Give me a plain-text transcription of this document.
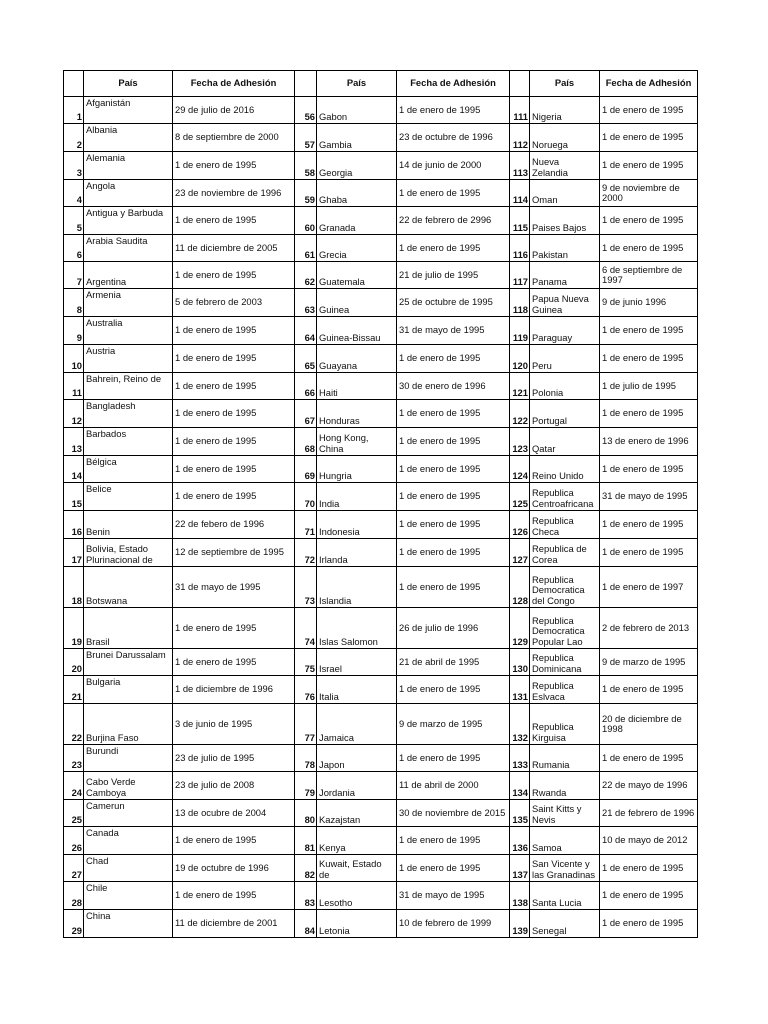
	País	Fecha de Adhesión		País	Fecha de Adhesión		País	Fecha de Adhesión
1	Afganistán	29 de julio de 2016	56	Gabon	1 de enero de 1995	111	Nigeria	1 de enero de 1995
2	Albania	8 de septiembre de 2000	57	Gambia	23 de octubre de 1996	112	Noruega	1 de enero de 1995
3	Alemania	1 de enero de 1995	58	Georgia	14 de junio de 2000	113	Nueva Zelandia	1 de enero de 1995
4	Angola	23 de noviembre de 1996	59	Ghaba	1 de enero de 1995	114	Oman	9 de noviembre de 2000
5	Antigua y Barbuda	1 de enero de 1995	60	Granada	22 de febrero de 2996	115	Paises Bajos	1 de enero de 1995
6	Arabia Saudita	11 de diciembre de 2005	61	Grecia	1 de enero de 1995	116	Pakistan	1 de enero de 1995
7	Argentina	1 de enero de 1995	62	Guatemala	21 de julio de 1995	117	Panama	6 de septiembre de 1997
8	Armenia	5 de febrero de 2003	63	Guinea	25 de octubre de 1995	118	Papua Nueva Guinea	9 de junio 1996
9	Australia	1 de enero de 1995	64	Guinea-Bissau	31 de mayo de 1995	119	Paraguay	1 de enero de 1995
10	Austria	1 de enero de 1995	65	Guayana	1 de enero de 1995	120	Peru	1 de enero de 1995
11	Bahrein, Reino de	1 de enero de 1995	66	Haiti	30 de enero de 1996	121	Polonia	1 de julio de 1995
12	Bangladesh	1 de enero de 1995	67	Honduras	1 de enero de 1995	122	Portugal	1 de enero de 1995
13	Barbados	1 de enero de 1995	68	Hong Kong, China	1 de enero de 1995	123	Qatar	13 de enero de 1996
14	Bélgica	1 de enero de 1995	69	Hungria	1 de enero de 1995	124	Reino Unido	1 de enero de 1995
15	Belice	1 de enero de 1995	70	India	1 de enero de 1995	125	Republica Centroafricana	31 de mayo de 1995
16	Benin	22 de febero de 1996	71	Indonesia	1 de enero de 1995	126	Republica Checa	1 de enero de 1995
17	Bolivia, Estado Plurinacional de	12 de septiembre de 1995	72	Irlanda	1 de enero de 1995	127	Republica de Corea	1 de enero de 1995
18	Botswana	31 de mayo de 1995	73	Islandia	1 de enero de 1995	128	Republica Democratica del Congo	1 de enero de 1997
19	Brasil	1 de enero de 1995	74	Islas Salomon	26 de julio de 1996	129	Republica Democratica Popular Lao	2 de febrero de 2013
20	Brunei Darussalam	1 de enero de 1995	75	Israel	21 de abril de 1995	130	Republica Dominicana	9 de marzo de 1995
21	Bulgaria	1 de diciembre de 1996	76	Italia	1 de enero de 1995	131	Republica Eslvaca	1 de enero de 1995
22	Burjina Faso	3 de junio de 1995	77	Jamaica	9 de marzo de 1995	132	Republica Kirguisa	20 de diciembre de 1998
23	Burundi	23 de julio de 1995	78	Japon	1 de enero de 1995	133	Rumania	1 de enero de 1995
24	Cabo Verde Camboya	23 de julio de 2008	79	Jordania	11 de abril de 2000	134	Rwanda	22 de mayo de 1996
25	Camerun	13 de ocubre de 2004	80	Kazajstan	30 de noviembre de 2015	135	Saint Kitts y Nevis	21 de febrero de 1996
26	Canada	1 de enero de 1995	81	Kenya	1 de enero de 1995	136	Samoa	10 de mayo de 2012
27	Chad	19 de octubre de 1996	82	Kuwait, Estado de	1 de enero de 1995	137	San Vicente y las Granadinas	1 de enero de 1995
28	Chile	1 de enero de 1995	83	Lesotho	31 de mayo de 1995	138	Santa Lucia	1 de enero de 1995
29	China	11 de diciembre de 2001	84	Letonia	10 de febrero de 1999	139	Senegal	1 de enero de 1995
